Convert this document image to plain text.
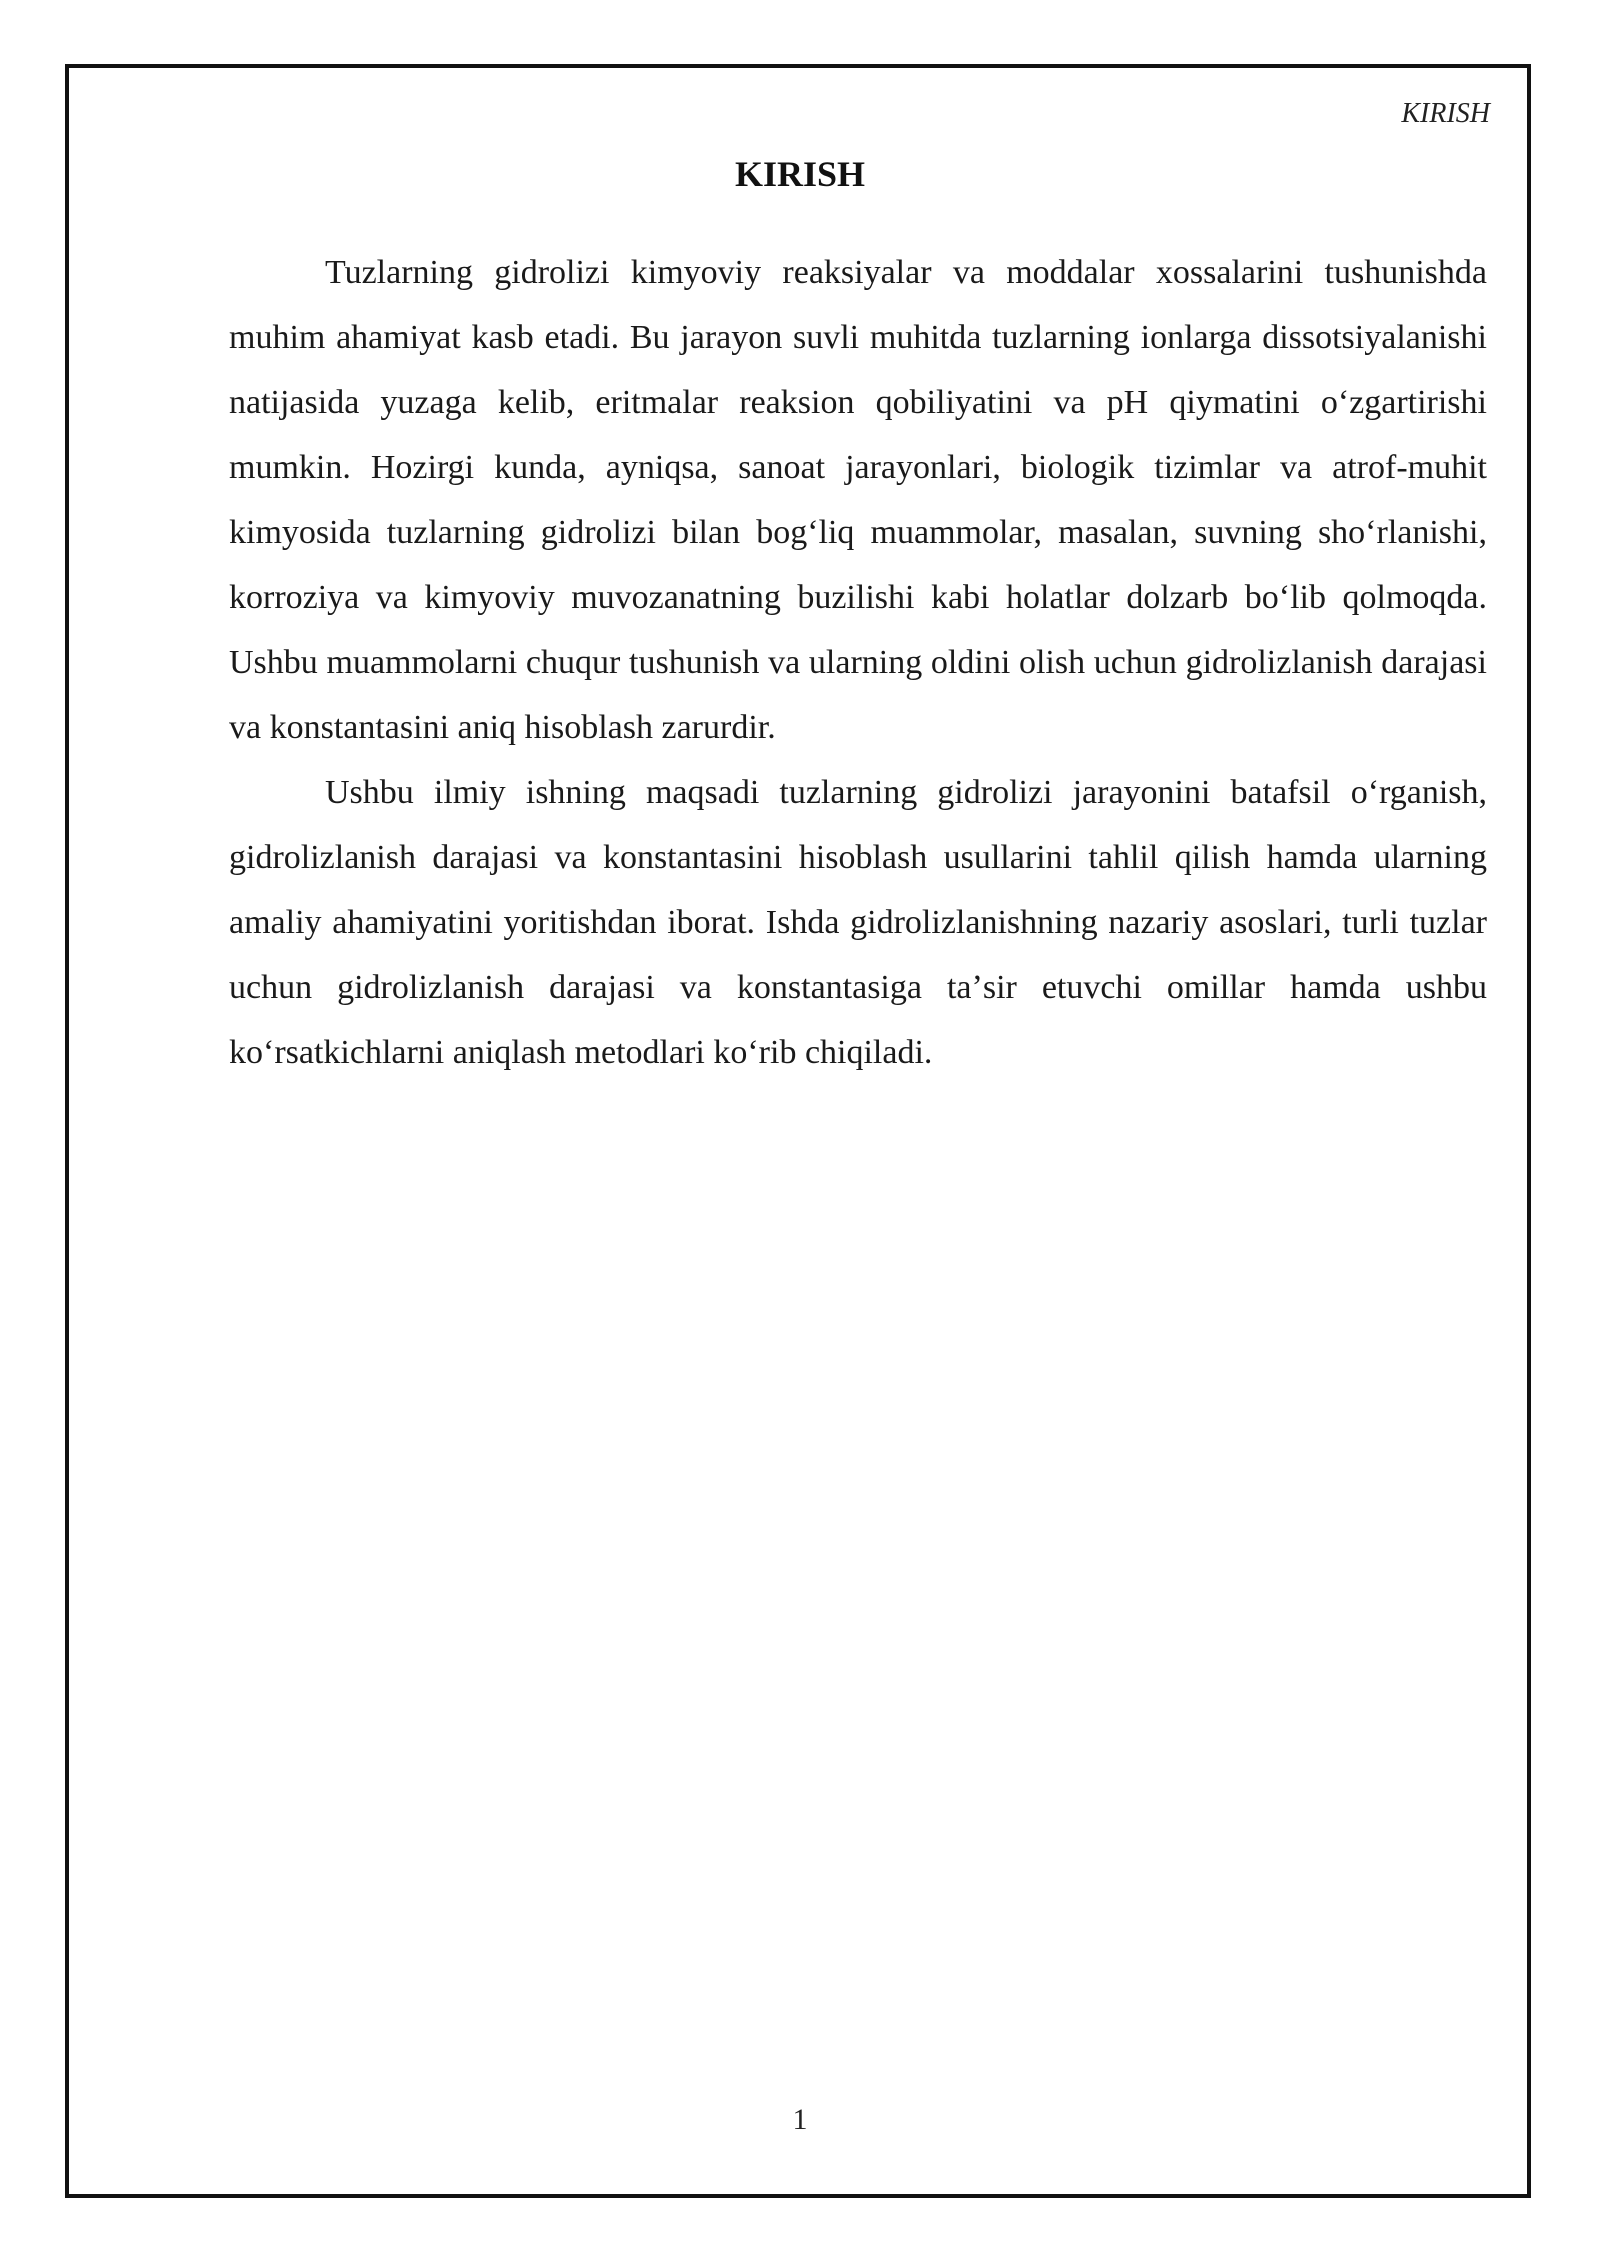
KIRISH
KIRISH

Tuzlarning gidrolizi kimyoviy reaksiyalar va moddalar xossalarini tushunishda muhim ahamiyat kasb etadi. Bu jarayon suvli muhitda tuzlarning ionlarga dissotsiyalanishi natijasida yuzaga kelib, eritmalar reaksion qobiliyatini va pH qiymatini oʻzgartirishi mumkin. Hozirgi kunda, ayniqsa, sanoat jarayonlari, biologik tizimlar va atrof-muhit kimyosida tuzlarning gidrolizi bilan bogʻliq muammolar, masalan, suvning shoʻrlanishi, korroziya va kimyoviy muvozanatning buzilishi kabi holatlar dolzarb boʻlib qolmoqda. Ushbu muammolarni chuqur tushunish va ularning oldini olish uchun gidrolizlanish darajasi va konstantasini aniq hisoblash zarurdir.

Ushbu ilmiy ishning maqsadi tuzlarning gidrolizi jarayonini batafsil oʻrganish, gidrolizlanish darajasi va konstantasini hisoblash usullarini tahlil qilish hamda ularning amaliy ahamiyatini yoritishdan iborat. Ishda gidrolizlanishning nazariy asoslari, turli tuzlar uchun gidrolizlanish darajasi va konstantasiga taʼsir etuvchi omillar hamda ushbu koʻrsatkichlarni aniqlash metodlari koʻrib chiqiladi.

1
